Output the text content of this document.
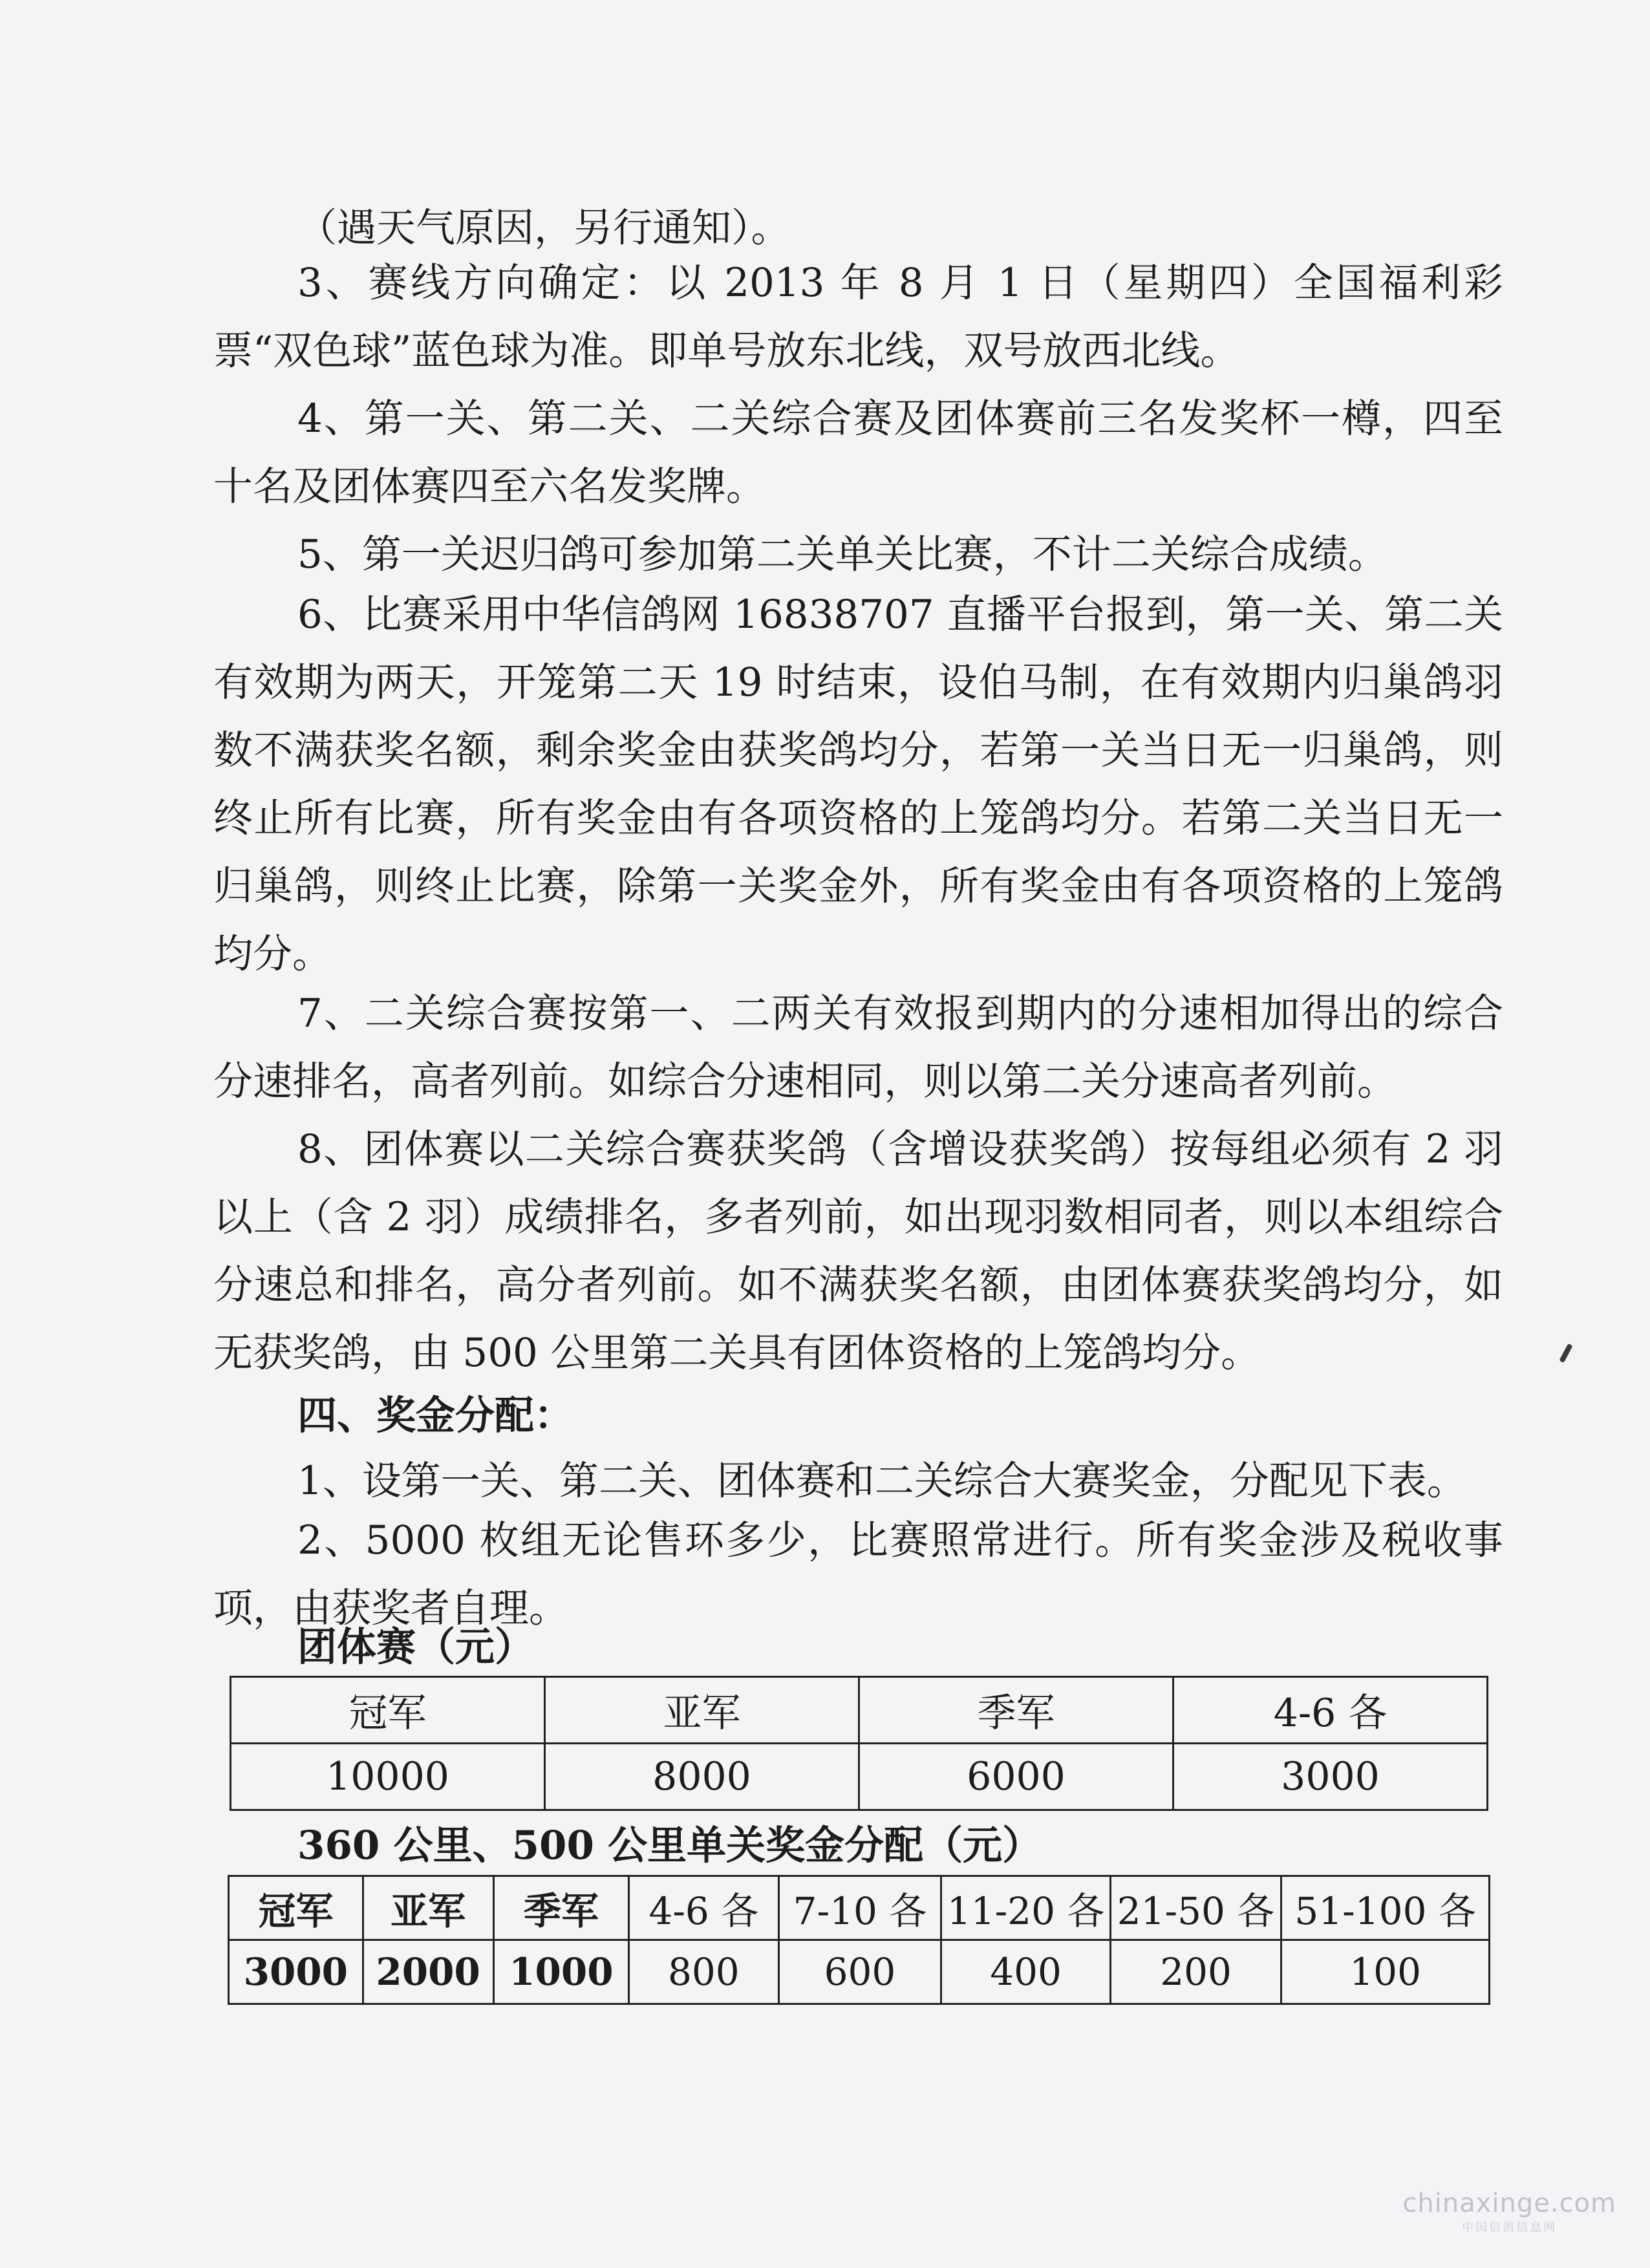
（遇天气原因，另行通知）。

3、赛线方向确定：以 2013 年 8 月 1 日（星期四）全国福利彩票“双色球”蓝色球为准。即单号放东北线，双号放西北线。

4、第一关、第二关、二关综合赛及团体赛前三名发奖杯一樽，四至十名及团体赛四至六名发奖牌。

5、第一关迟归鸽可参加第二关单关比赛，不计二关综合成绩。

6、比赛采用中华信鸽网 16838707 直播平台报到，第一关、第二关有效期为两天，开笼第二天 19 时结束，设伯马制，在有效期内归巢鸽羽数不满获奖名额，剩余奖金由获奖鸽均分，若第一关当日无一归巢鸽，则终止所有比赛，所有奖金由有各项资格的上笼鸽均分。若第二关当日无一归巢鸽，则终止比赛，除第一关奖金外，所有奖金由有各项资格的上笼鸽均分。

7、二关综合赛按第一、二两关有效报到期内的分速相加得出的综合分速排名，高者列前。如综合分速相同，则以第二关分速高者列前。

8、团体赛以二关综合赛获奖鸽（含增设获奖鸽）按每组必须有 2 羽以上（含 2 羽）成绩排名，多者列前，如出现羽数相同者，则以本组综合分速总和排名，高分者列前。如不满获奖名额，由团体赛获奖鸽均分，如无获奖鸽，由 500 公里第二关具有团体资格的上笼鸽均分。

四、奖金分配：

1、设第一关、第二关、团体赛和二关综合大赛奖金，分配见下表。

2、5000 枚组无论售环多少，比赛照常进行。所有奖金涉及税收事项，由获奖者自理。

团体赛（元）
冠军	亚军	季军	4-6 各
10000	8000	6000	3000
360 公里、500 公里单关奖金分配（元）
冠军	亚军	季军	4-6 各	7-10 各	11-20 各	21-50 各	51-100 各
3000	2000	1000	800	600	400	200	100
chinaxinge.com
中国信鸽信息网
